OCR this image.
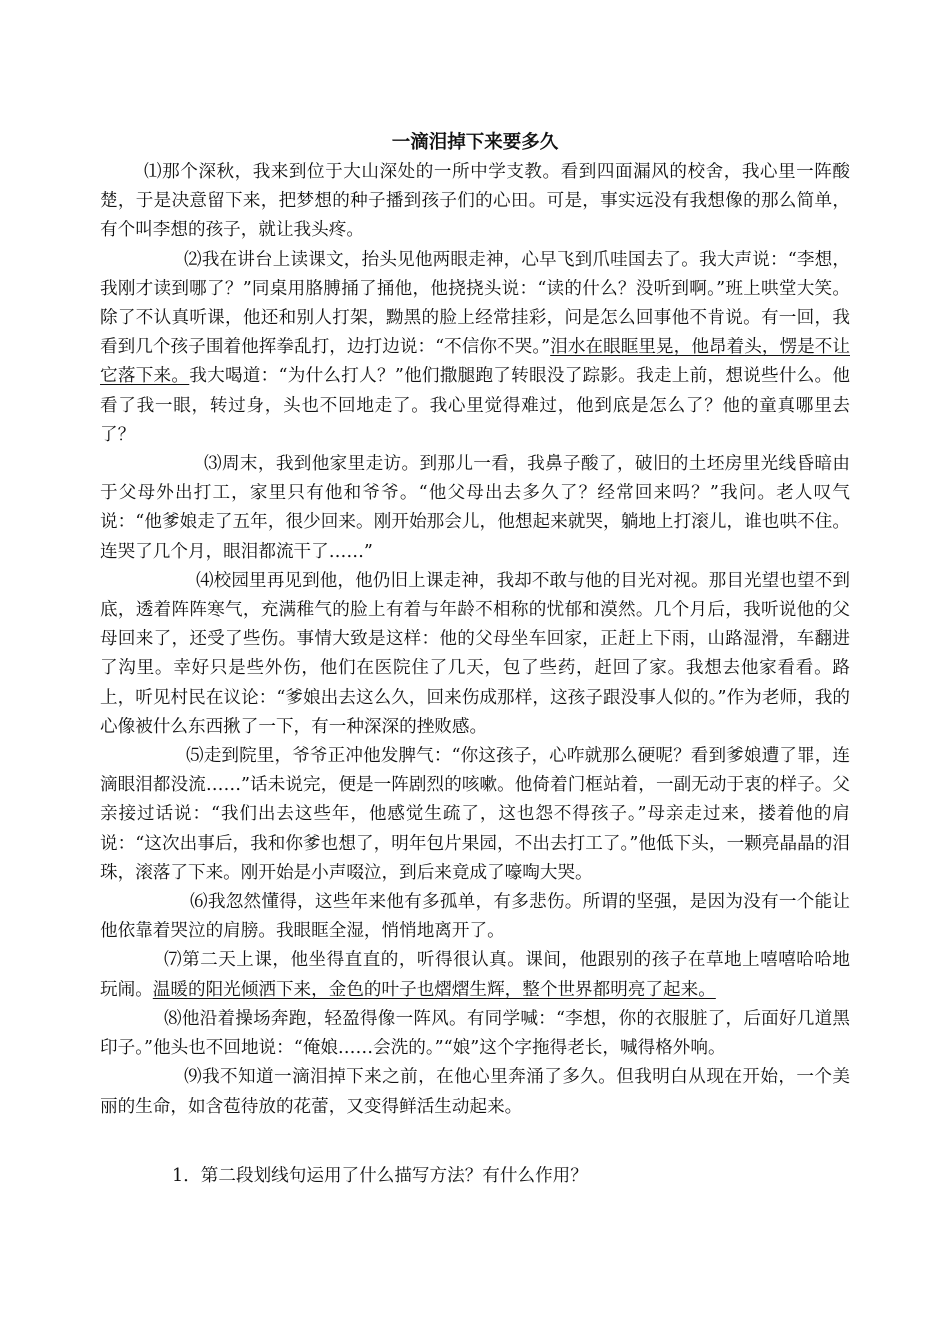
一滴泪掉下来要多久

⑴那个深秋，我来到位于大山深处的一所中学支教。看到四面漏风的校舍，我心里一阵酸楚，于是决意留下来，把梦想的种子播到孩子们的心田。可是，事实远没有我想像的那么简单，有个叫李想的孩子，就让我头疼。

⑵我在讲台上读课文，抬头见他两眼走神，心早飞到爪哇国去了。我大声说：“李想，我刚才读到哪了？”同桌用胳膊捅了捅他，他挠挠头说：“读的什么？没听到啊。”班上哄堂大笑。除了不认真听课，他还和别人打架，黝黑的脸上经常挂彩，问是怎么回事他不肯说。有一回，我看到几个孩子围着他挥拳乱打，边打边说：“不信你不哭。”泪水在眼眶里晃，他昂着头，愣是不让它落下来。我大喝道：“为什么打人？”他们撒腿跑了转眼没了踪影。我走上前，想说些什么。他看了我一眼，转过身，头也不回地走了。我心里觉得难过，他到底是怎么了？他的童真哪里去了？

⑶周末，我到他家里走访。到那儿一看，我鼻子酸了，破旧的土坯房里光线昏暗由于父母外出打工，家里只有他和爷爷。“他父母出去多久了？经常回来吗？”我问。老人叹气说：“他爹娘走了五年，很少回来。刚开始那会儿，他想起来就哭，躺地上打滚儿，谁也哄不住。连哭了几个月，眼泪都流干了……”

⑷校园里再见到他，他仍旧上课走神，我却不敢与他的目光对视。那目光望也望不到底，透着阵阵寒气，充满稚气的脸上有着与年龄不相称的忧郁和漠然。几个月后，我听说他的父母回来了，还受了些伤。事情大致是这样：他的父母坐车回家，正赶上下雨，山路湿滑，车翻进了沟里。幸好只是些外伤，他们在医院住了几天，包了些药，赶回了家。我想去他家看看。路上，听见村民在议论：“爹娘出去这么久，回来伤成那样，这孩子跟没事人似的。”作为老师，我的心像被什么东西揪了一下，有一种深深的挫败感。

⑸走到院里，爷爷正冲他发脾气：“你这孩子，心咋就那么硬呢？看到爹娘遭了罪，连滴眼泪都没流……”话未说完，便是一阵剧烈的咳嗽。他倚着门框站着，一副无动于衷的样子。父亲接过话说：“我们出去这些年，他感觉生疏了，这也怨不得孩子。”母亲走过来，搂着他的肩说：“这次出事后，我和你爹也想了，明年包片果园，不出去打工了。”他低下头，一颗亮晶晶的泪珠，滚落了下来。刚开始是小声啜泣，到后来竟成了嚎啕大哭。

⑹我忽然懂得，这些年来他有多孤单，有多悲伤。所谓的坚强，是因为没有一个能让他依靠着哭泣的肩膀。我眼眶全湿，悄悄地离开了。

⑺第二天上课，他坐得直直的，听得很认真。课间，他跟别的孩子在草地上嘻嘻哈哈地玩闹。温暖的阳光倾洒下来，金色的叶子也熠熠生辉，整个世界都明亮了起来。

⑻他沿着操场奔跑，轻盈得像一阵风。有同学喊：“李想，你的衣服脏了，后面好几道黑印子。”他头也不回地说：“俺娘……会洗的。”“娘”这个字拖得老长，喊得格外响。

⑼我不知道一滴泪掉下来之前，在他心里奔涌了多久。但我明白从现在开始，一个美丽的生命，如含苞待放的花蕾，又变得鲜活生动起来。

1．第二段划线句运用了什么描写方法？有什么作用？
